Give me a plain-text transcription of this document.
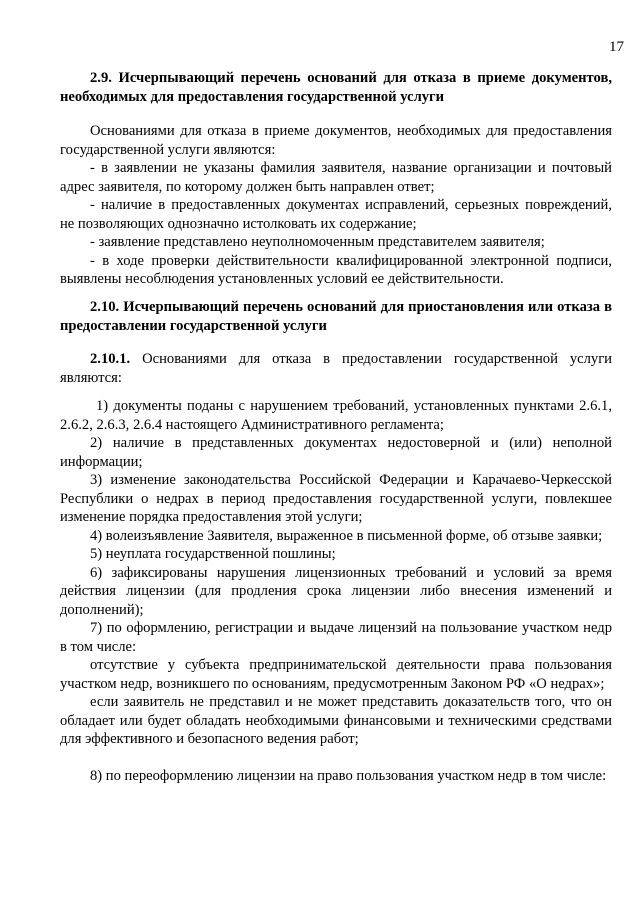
17

2.9. Исчерпывающий перечень оснований для отказа в приеме документов, необходимых для предоставления государственной услуги

Основаниями для отказа в приеме документов, необходимых для предоставления государственной услуги являются:

- в заявлении не указаны фамилия заявителя, название организации и почтовый адрес заявителя, по которому должен быть направлен ответ;

- наличие в предоставленных документах исправлений, серьезных повреждений, не позволяющих однозначно истолковать их содержание;

- заявление представлено неуполномоченным представителем заявителя;

- в ходе проверки действительности квалифицированной электронной подписи, выявлены несоблюдения установленных условий ее действительности.

2.10. Исчерпывающий перечень оснований для приостановления или отказа в предоставлении государственной услуги

2.10.1. Основаниями для отказа в предоставлении государственной услуги являются:

1) документы поданы с нарушением требований, установленных пунктами 2.6.1, 2.6.2, 2.6.3, 2.6.4 настоящего Административного регламента;

2) наличие в представленных документах недостоверной и (или) неполной информации;

3) изменение законодательства Российской Федерации и Карачаево-Черкесской Республики о недрах в период предоставления государственной услуги, повлекшее изменение порядка предоставления этой услуги;

4) волеизъявление Заявителя, выраженное в письменной форме, об отзыве заявки;

5) неуплата государственной пошлины;

6) зафиксированы нарушения лицензионных требований и условий за время действия лицензии (для продления срока лицензии либо внесения изменений и дополнений);

7) по оформлению, регистрации и выдаче лицензий на пользование участком недр в том числе:

отсутствие у субъекта предпринимательской деятельности права пользования участком недр, возникшего по основаниям, предусмотренным Законом РФ «О недрах»;

если заявитель не представил и не может представить доказательств того, что он обладает или будет обладать необходимыми финансовыми и техническими средствами для эффективного и безопасного ведения работ;

8) по переоформлению лицензии на право пользования участком недр в том числе:
